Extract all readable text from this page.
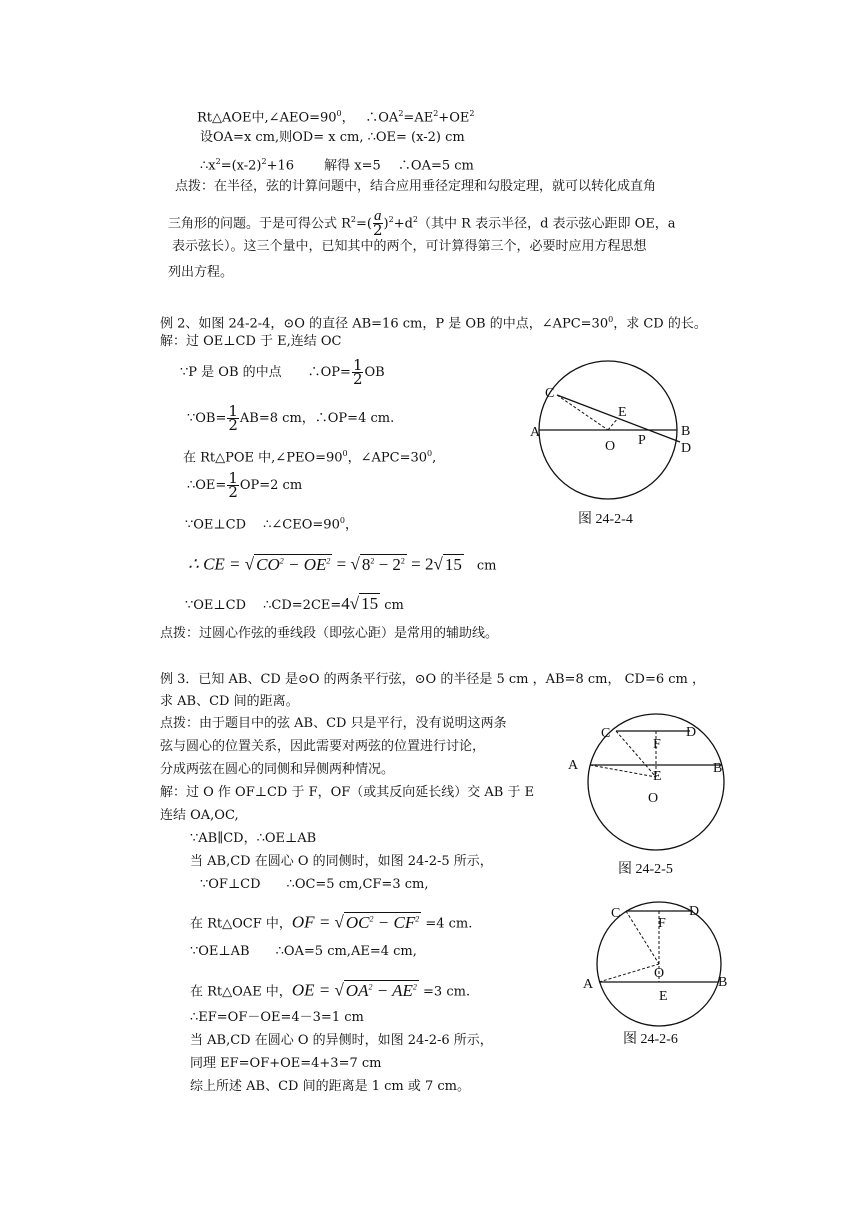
Rt△AOE中$,\angle AEO=90^0$，　 $\therefore OA^2=AE^2+OE^2$
设OA=x cm,则OD= x cm, ∴OE= (x-2) cm
$\therefore x^2=(x-2)^2+16$　　 解得 x=5　 ∴OA=5 cm
点拨：在半径，弦的计算问题中，结合应用垂径定理和勾股定理，就可以转化成直角
三角形的问题。于是可得公式 $R^2=( \frac{a}{2} )^2+d^2$（其中 R 表示半径，d 表示弦心距即 OE，a
表示弦长）。这三个量中，已知其中的两个，可计算得第三个，必要时应用方程思想
列出方程。
例 2、如图 24-2-4，⊙O 的直径 AB=16 cm，P 是 OB 的中点，$\angle APC=30^0$，求 CD 的长。
解：过 OE⊥CD 于 E,连结 OC
∵P 是 OB 的中点　　∴OP= $\frac{1}{2}$ OB
∵OB= $\frac{1}{2} AB=8$ cm，∴OP=4 cm.
在 Rt△POE 中$,\angle PEO=90^0$，$\angle APC=30^0$,
∴OE= $\frac{1}{2} OP=2$ cm
∵OE⊥CD　 $\therefore\angle CEO=90^0$，
∴ CE = √ $CO^2 - OE^2$ = √ $8^2 - 2^2 = 2√$ 15　cm
∵OE⊥CD　 ∴CD=2CE=4√ 15 cm
点拨：过圆心作弦的垂线段（即弦心距）是常用的辅助线。
C
E
A	B
O P
D
图 24-2-4
例 3．已知 AB、CD 是⊙O 的两条平行弦，⊙O 的半径是 5 cm ，AB=8 cm， CD=6 cm ，
求 AB、CD 间的距离。
点拨：由于题目中的弦 AB、CD 只是平行，没有说明这两条
弦与圆心的位置关系，因此需要对两弦的位置进行讨论，
分成两弦在圆心的同侧和异侧两种情况。
解：过 O 作 OF⊥CD 于 F，OF（或其反向延长线）交 AB 于 E
连结 OA,OC,
∵AB∥CD，∴OE⊥AB
当 AB,CD 在圆心 O 的同侧时，如图 24-2-5 所示，
∵OF⊥CD　　∴OC=5 cm,CF=3 cm,
在 Rt△OCF 中，OF = √ $OC^2 - CF^2 =4$ cm.
∵OE⊥AB　　∴OA=5 cm,AE=4 cm,
在 Rt△OAE 中，OE = √ $OA^2 - AE^2 =3$ cm.
∴EF=OF－OE=4－3=1 cm
当 AB,CD 在圆心 O 的异侧时，如图 24-2-6 所示，
同理 EF=OF+OE=4+3=7 cm
综上所述 AB、CD 间的距离是 1 cm 或 7 cm。
C	D
F
A	B
E
O
图 24-2-5
C	D
F
O
A	B
E
图 24-2-6
